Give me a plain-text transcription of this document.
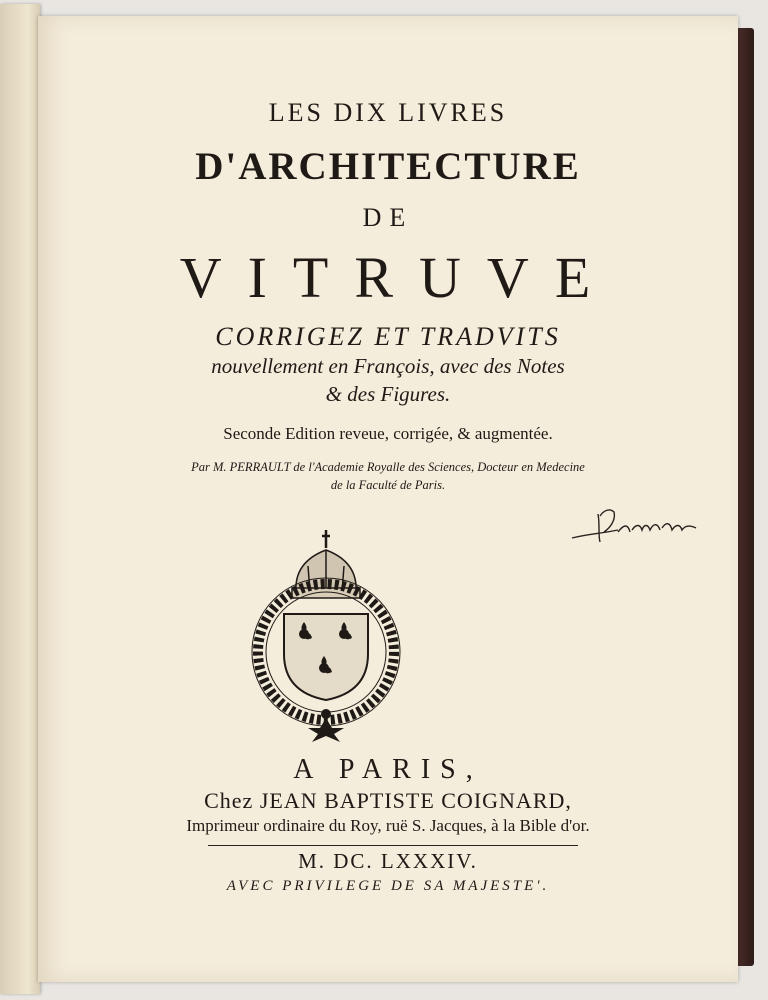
LES DIX LIVRES
D'ARCHITECTURE
DE
VITRUVE
CORRIGEZ ET TRADVITS
nouvellement en François, avec des Notes
& des Figures.
Seconde Edition reveue, corrigée, & augmentée.
Par M. PERRAULT de l'Academie Royalle des Sciences, Docteur en Medecine
de la Faculté de Paris.
A PARIS,
Chez JEAN BAPTISTE COIGNARD,
Imprimeur ordinaire du Roy, ruë S. Jacques, à la Bible d'or.
M. DC. LXXXIV.
AVEC PRIVILEGE DE SA MAJESTE'.
